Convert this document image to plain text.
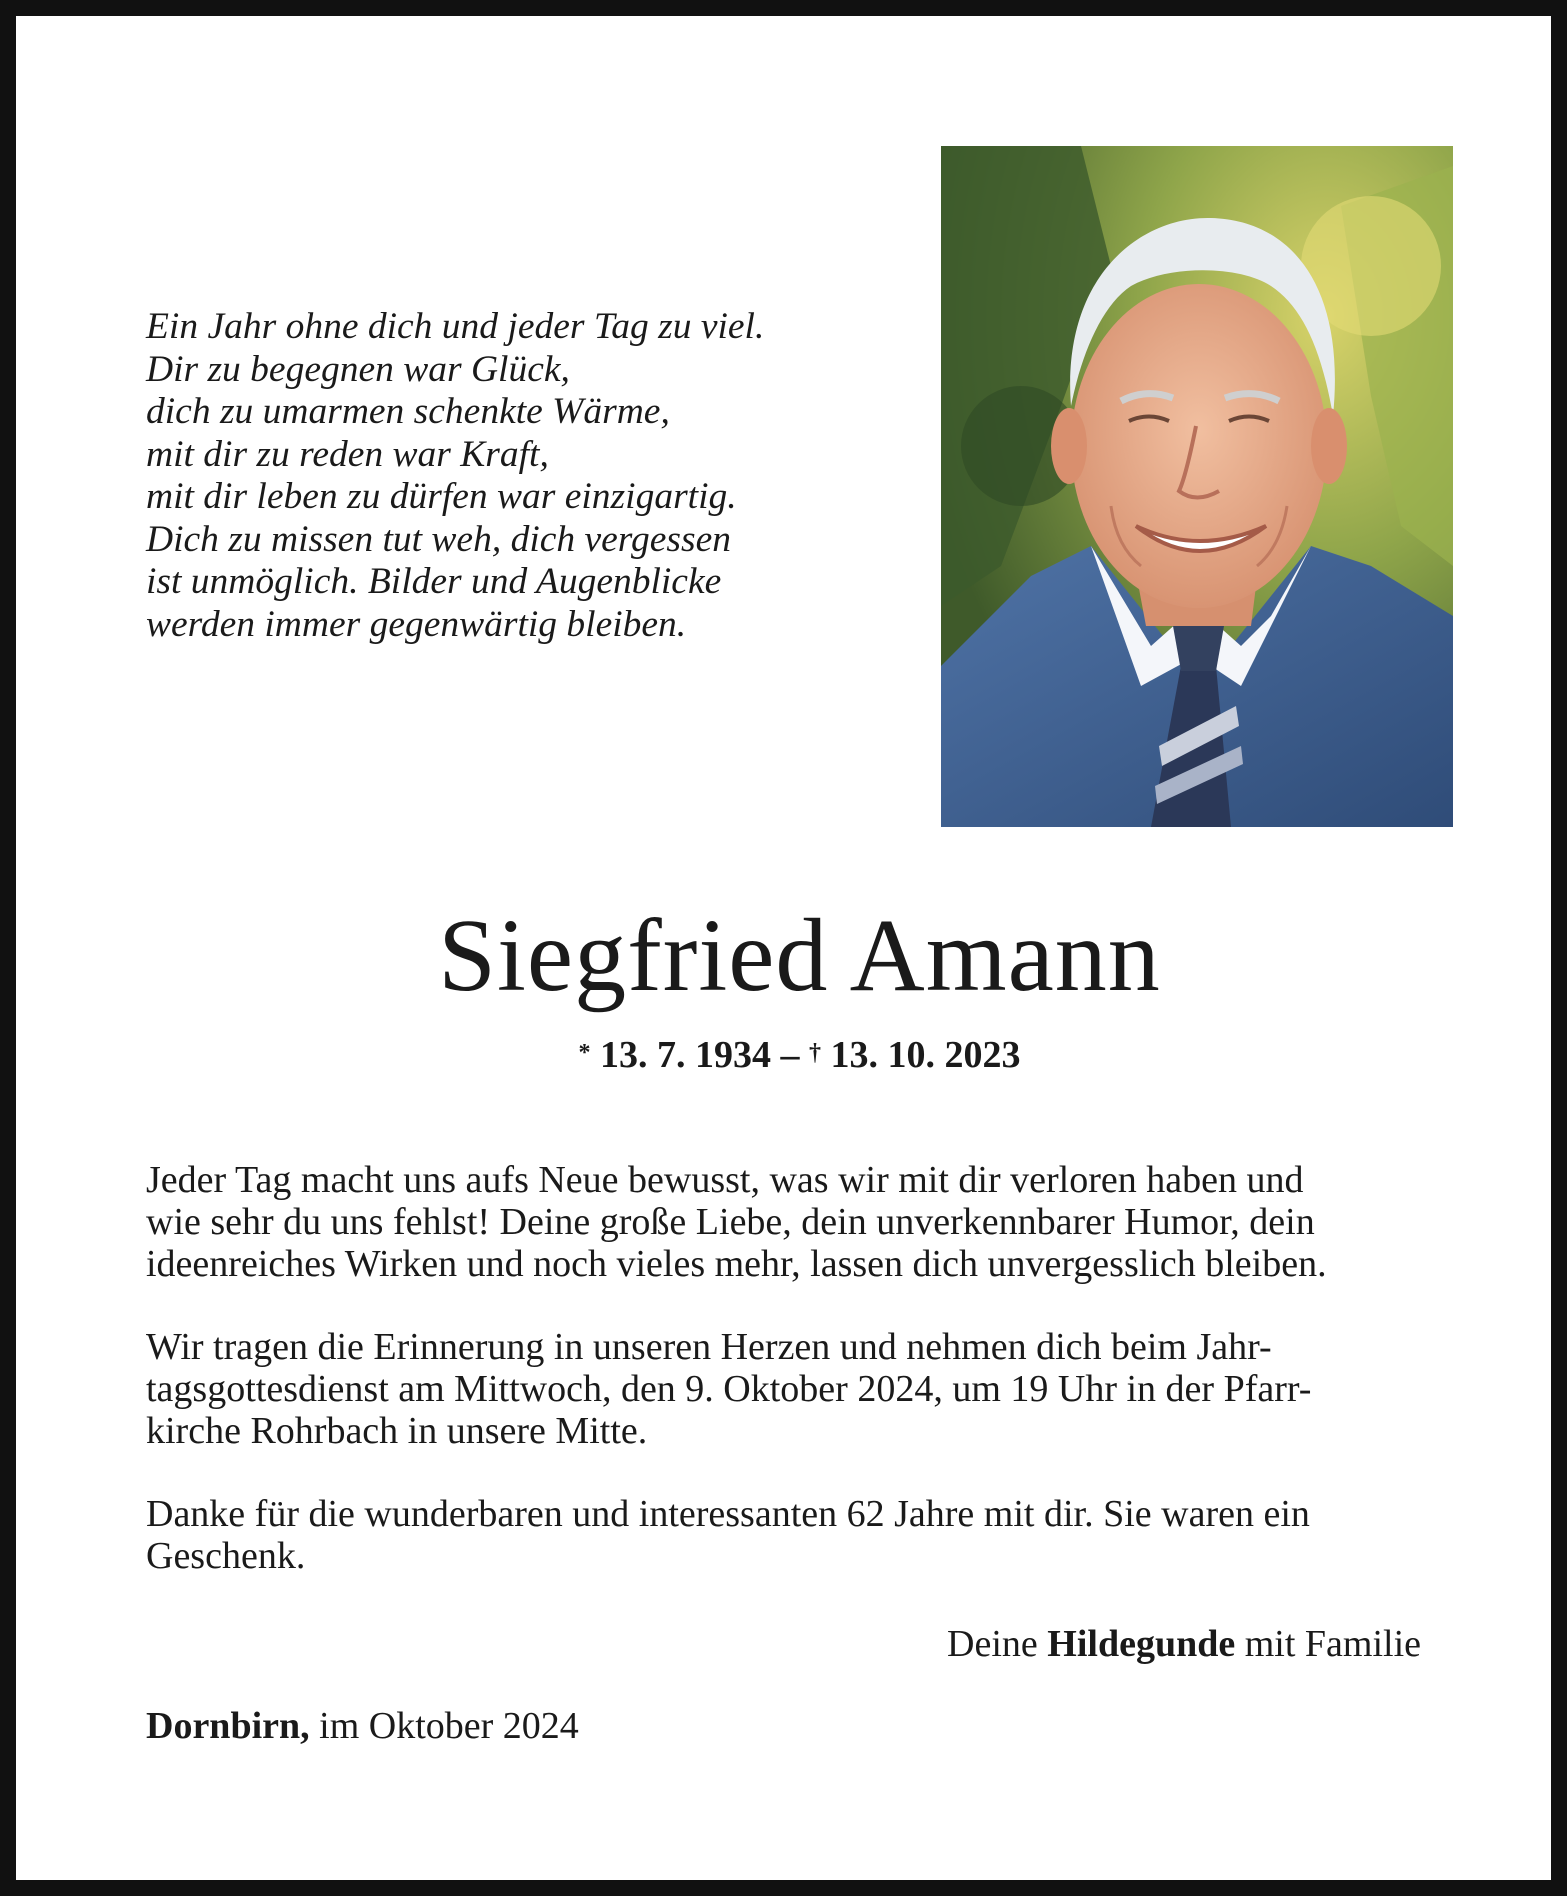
Ein Jahr ohne dich und jeder Tag zu viel.
Dir zu begegnen war Glück,
dich zu umarmen schenkte Wärme,
mit dir zu reden war Kraft,
mit dir leben zu dürfen war einzigartig.
Dich zu missen tut weh, dich vergessen
ist unmöglich. Bilder und Augenblicke
werden immer gegenwärtig bleiben.
Siegfried Amann
* 13. 7. 1934 – † 13. 10. 2023
Jeder Tag macht uns aufs Neue bewusst, was wir mit dir verloren haben und
wie sehr du uns fehlst! Deine große Liebe, dein unverkennbarer Humor, dein
ideenreiches Wirken und noch vieles mehr, lassen dich unvergesslich bleiben.
Wir tragen die Erinnerung in unseren Herzen und nehmen dich beim Jahr-
tagsgottesdienst am Mittwoch, den 9. Oktober 2024, um 19 Uhr in der Pfarr-
kirche Rohrbach in unsere Mitte.
Danke für die wunderbaren und interessanten 62 Jahre mit dir. Sie waren ein
Geschenk.
Deine Hildegunde mit Familie
Dornbirn, im Oktober 2024
